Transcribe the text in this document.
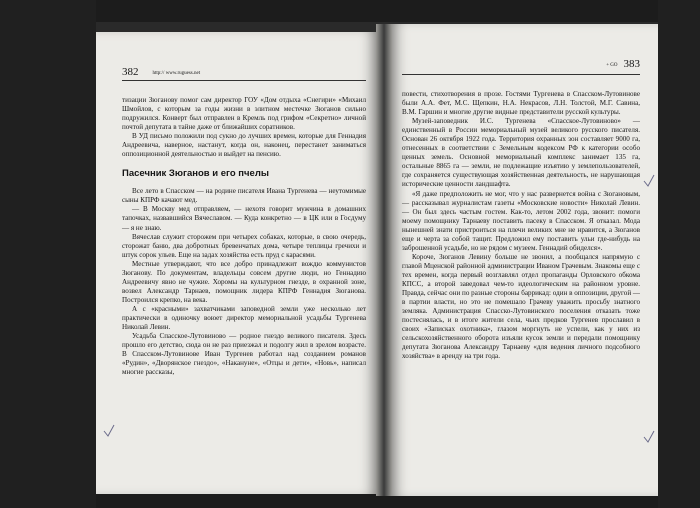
382	http:// www.ruguess.net

тизации Зюганову помог сам директор ГОУ «Дом отдыха «Снегири» «Михаил Шмойлов, с которым за годы жизни в элитном местечке Зюганов сильно подружился. Конверт был отправлен в Кремль под грифом «Секретно» личной почтой депутата в тайне даже от ближайших соратников.

В УД письмо положили под сукно до лучших времен, которые для Геннадия Андреевича, наверное, настанут, когда он, наконец, перестанет заниматься оппозиционной деятельностью и выйдет на пенсию.

Пасечник Зюганов и его пчелы

Все лето в Спасском — на родине писателя Ивана Тургенева — неутомимые сыны КПРФ качают мед.

— В Москву мед отправляем, — нехотя говорит мужчина в домашних тапочках, назвавшийся Вячеславом. — Куда конкретно — в ЦК или в Госдуму — я не знаю.

Вячеслав служит сторожем при четырех собаках, которые, в свою очередь, сторожат баню, два добротных бревенчатых дома, четыре теплицы гречихи и штук сорок ульев. Еще на задах хозяйства есть пруд с карасями.

Местные утверждают, что все добро принадлежит вождю коммунистов Зюганову. По документам, владельцы совсем другие люди, но Геннадию Андреевичу явно не чужие. Хоромы на культурном гнезде, в охранной зоне, возвел Александр Тарнаев, помощник лидера КПРФ Геннадия Зюганова. Построился крепко, на века.

А с «красными» захватчиками заповедной земли уже несколько лет практически в одиночку воюет директор мемориальной усадьбы Тургенева Николай Левин.

Усадьба Спасское-Лутовиново — родное гнездо великого писателя. Здесь прошло его детство, сюда он не раз приезжал и подолгу жил в зрелом возрасте. В Спасском-Лутовинове Иван Тургенев работал над созданием романов «Рудин», «Дворянское гнездо», «Накануне», «Отцы и дети», «Новь», написал многие рассказы,

+ GO 383

повести, стихотворения в прозе. Гостями Тургенева в Спасском-Лутовинове были А.А. Фет, М.С. Щепкин, Н.А. Некрасов, Л.Н. Толстой, М.Г. Савина, В.М. Гаршин и многие другие видные представители русской культуры.

Музей-заповедник И.С. Тургенева «Спасское-Лутовиново» — единственный в России мемориальный музей великого русского писателя. Основан 26 октября 1922 года. Территория охранных зон составляет 9000 га, отнесенных в соответствии с Земельным кодексом РФ к категории особо ценных земель. Основной мемориальный комплекс занимает 135 га, остальные 8865 га — земли, не подлежащие изъятию у землепользователей, где сохраняется существующая хозяйственная деятельность, не нарушающая исторические ценности ландшафта.

«Я даже предположить не мог, что у нас развернется война с Зюгановым, — рассказывал журналистам газеты «Московские новости» Николай Левин. — Он был здесь частым гостем. Как-то, летом 2002 года, звонит: помоги моему помощнику Тарнаеву поставить пасеку в Спасском. Я отказал. Мода нынешней знати пристроиться на плечи великих мне не нравится, а Зюганов еще и черта за собой тащит. Предложил ему поставить ульи где-нибудь на заброшенной усадьбе, но не рядом с музеем. Геннадий обиделся».

Короче, Зюганов Левину больше не звонил, а пообщался напрямую с главой Мценской районной администрации Иваном Грачевым. Знакомы еще с тех времен, когда первый возглавлял отдел пропаганды Орловского обкома КПСС, а второй заведовал чем-то идеологическим на районном уровне. Правда, сейчас они по разные стороны баррикад: один в оппозиции, другой — в партии власти, но это не помешало Грачеву уважить просьбу знатного земляка. Администрация Спасско-Лутовинского поселения отказать тоже постеснялась, и в итоге жители села, чьих предков Тургенев прославил в своих «Записках охотника», глазом моргнуть не успели, как у них из сельскохозяйственного оборота изъяли кусок земли и передали помощнику депутата Зюганова Александру Тарнаеву «для ведения личного подсобного хозяйства» в аренду на три года.
